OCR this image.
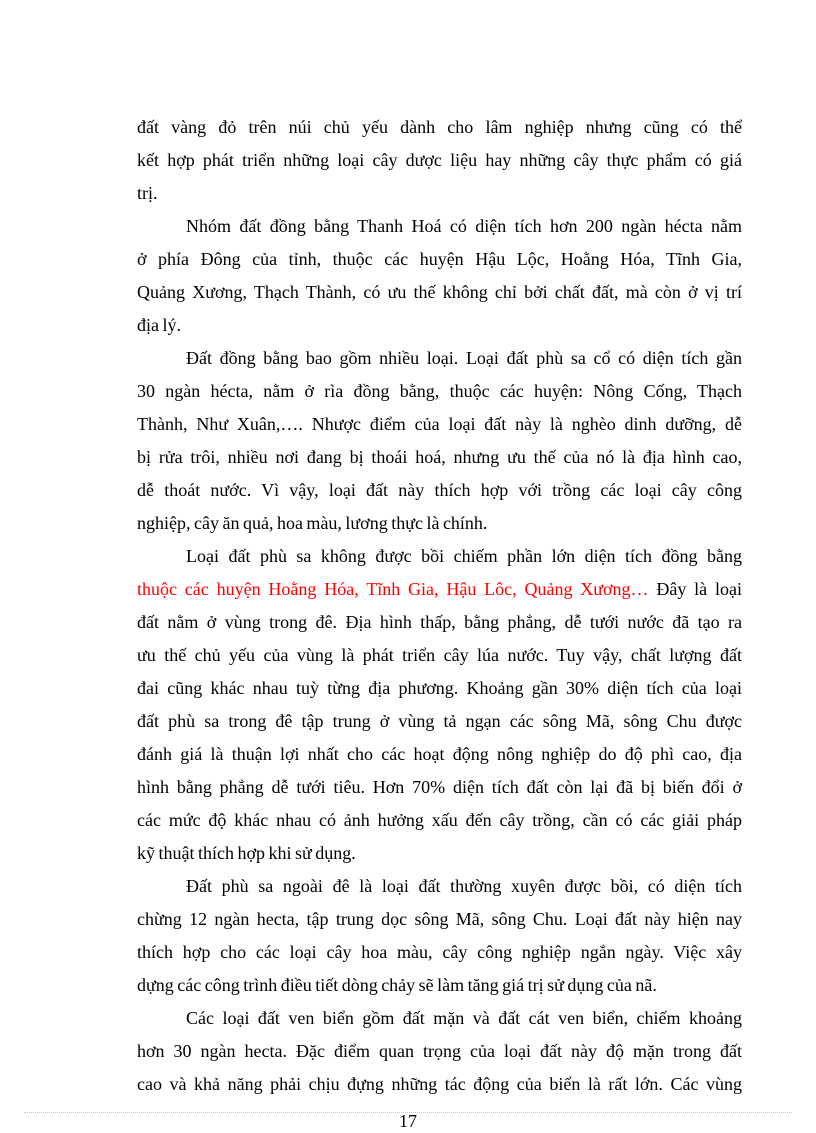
đất vàng đỏ trên núi chủ yếu dành cho lâm nghiệp nhưng cũng có thể
kết hợp phát triển những loại cây dược liệu hay những cây thực phẩm có giá
trị.
Nhóm đất đồng bằng Thanh Hoá có diện tích hơn 200 ngàn hécta nằm
ở phía Đông của tỉnh, thuộc các huyện Hậu Lộc, Hoằng Hóa, Tĩnh Gia,
Quảng Xương, Thạch Thành, có ưu thế không chỉ bởi chất đất, mà còn ở vị trí
địa lý.
Đất đồng bằng bao gồm nhiều loại. Loại đất phù sa cổ có diện tích gần
30 ngàn hécta, nằm ở rìa đồng bằng, thuộc các huyện: Nông Cống, Thạch
Thành, Như Xuân,…. Nhược điểm của loại đất này là nghèo dinh dưỡng, dễ
bị rửa trôi, nhiều nơi đang bị thoái hoá, nhưng ưu thế của nó là địa hình cao,
dễ thoát nước. Vì vậy, loại đất này thích hợp với trồng các loại cây công
nghiệp, cây ăn quả, hoa màu, lương thực là chính.
Loại đất phù sa không được bồi chiếm phần lớn diện tích đồng bằng
thuộc các huyện Hoằng Hóa, Tĩnh Gia, Hậu Lôc, Quảng Xương… Đây là loại
đất nằm ở vùng trong đê. Địa hình thấp, bằng phẳng, dễ tưới nước đã tạo ra
ưu thế chủ yếu của vùng là phát triển cây lúa nước. Tuy vậy, chất lượng đất
đai cũng khác nhau tuỳ từng địa phương. Khoảng gần 30% diện tích của loại
đất phù sa trong đê tập trung ở vùng tả ngạn các sông Mã, sông Chu được
đánh giá là thuận lợi nhất cho các hoạt động nông nghiệp do độ phì cao, địa
hình bằng phẳng dễ tưới tiêu. Hơn 70% diện tích đất còn lại đã bị biến đổi ở
các mức độ khác nhau có ảnh hưởng xấu đến cây trồng, cần có các giải pháp
kỹ thuật thích hợp khi sử dụng.
Đất phù sa ngoài đê là loại đất thường xuyên được bồi, có diện tích
chừng 12 ngàn hecta, tập trung dọc sông Mã, sông Chu. Loại đất này hiện nay
thích hợp cho các loại cây hoa màu, cây công nghiệp ngắn ngày. Việc xây
dựng các công trình điều tiết dòng chảy sẽ làm tăng giá trị sử dụng của nã.
Các loại đất ven biển gồm đất mặn và đất cát ven biển, chiếm khoảng
hơn 30 ngàn hecta. Đặc điểm quan trọng của loại đất này độ mặn trong đất
cao và khả năng phải chịu đựng những tác động của biển là rất lớn. Các vùng
17
